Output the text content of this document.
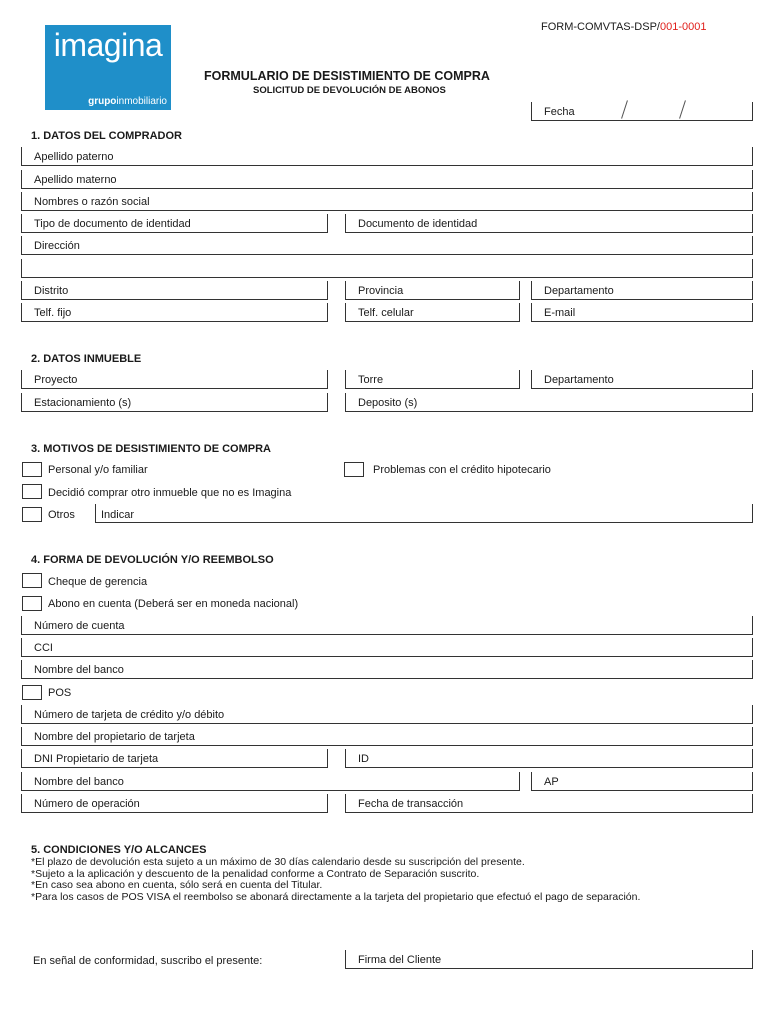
imagina
grupoinmobiliario
FORM-COMVTAS-DSP/001-0001
FORMULARIO DE DESISTIMIENTO DE COMPRA
SOLICITUD DE DEVOLUCIÓN DE ABONOS
Fecha
1. DATOS DEL COMPRADOR
Apellido paterno
Apellido materno
Nombres o razón social
Tipo de documento de identidad	Documento de identidad
Dirección
Distrito	Provincia	Departamento
Telf. fijo	Telf. celular	E-mail
2. DATOS INMUEBLE
Proyecto	Torre	Departamento
Estacionamiento (s)	Deposito (s)
3. MOTIVOS DE DESISTIMIENTO DE COMPRA
Personal y/o familiar	Problemas con el crédito hipotecario
Decidió comprar otro inmueble que no es Imagina
Otros Indicar
4. FORMA DE DEVOLUCIÓN Y/O REEMBOLSO
Cheque de gerencia
Abono en cuenta (Deberá ser en moneda nacional)
Número de cuenta
CCI
Nombre del banco
POS
Número de tarjeta de crédito y/o débito
Nombre del propietario de tarjeta
DNI Propietario de tarjeta	ID
Nombre del banco	AP
Número de operación	Fecha de transacción
5. CONDICIONES Y/O ALCANCES
*El plazo de devolución esta sujeto a un máximo de 30 días calendario desde su suscripción del presente.
*Sujeto a la aplicación y descuento de la penalidad conforme a Contrato de Separación suscrito.
*En caso sea abono en cuenta, sólo será en cuenta del Titular.
*Para los casos de POS VISA el reembolso se abonará directamente a la tarjeta del propietario que efectuó el pago de separación.
En señal de conformidad, suscribo el presente:	Firma del Cliente
